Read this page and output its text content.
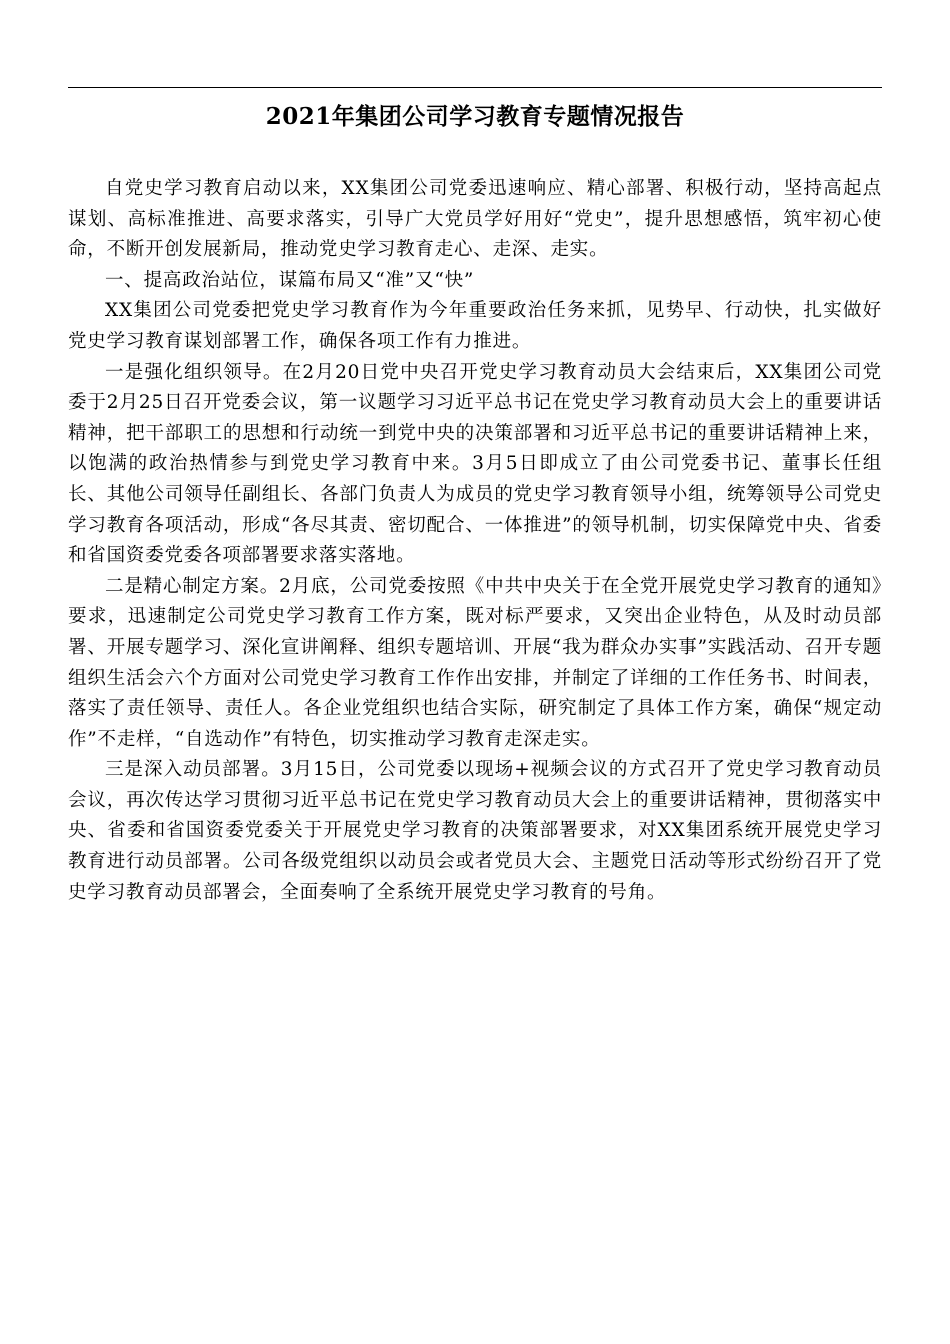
2021年集团公司学习教育专题情况报告

自党史学习教育启动以来，XX集团公司党委迅速响应、精心部署、积极行动，坚持高起点谋划、高标准推进、高要求落实，引导广大党员学好用好“党史”，提升思想感悟，筑牢初心使命，不断开创发展新局，推动党史学习教育走心、走深、走实。

一、提高政治站位，谋篇布局又“准”又“快”

XX集团公司党委把党史学习教育作为今年重要政治任务来抓，见势早、行动快，扎实做好党史学习教育谋划部署工作，确保各项工作有力推进。

一是强化组织领导。在2月20日党中央召开党史学习教育动员大会结束后，XX集团公司党委于2月25日召开党委会议，第一议题学习习近平总书记在党史学习教育动员大会上的重要讲话精神，把干部职工的思想和行动统一到党中央的决策部署和习近平总书记的重要讲话精神上来，以饱满的政治热情参与到党史学习教育中来。3月5日即成立了由公司党委书记、董事长任组长、其他公司领导任副组长、各部门负责人为成员的党史学习教育领导小组，统筹领导公司党史学习教育各项活动，形成“各尽其责、密切配合、一体推进”的领导机制，切实保障党中央、省委和省国资委党委各项部署要求落实落地。

二是精心制定方案。2月底，公司党委按照《中共中央关于在全党开展党史学习教育的通知》要求，迅速制定公司党史学习教育工作方案，既对标严要求，又突出企业特色，从及时动员部署、开展专题学习、深化宣讲阐释、组织专题培训、开展“我为群众办实事”实践活动、召开专题组织生活会六个方面对公司党史学习教育工作作出安排，并制定了详细的工作任务书、时间表，落实了责任领导、责任人。各企业党组织也结合实际，研究制定了具体工作方案，确保“规定动作”不走样，“自选动作”有特色，切实推动学习教育走深走实。

三是深入动员部署。3月15日，公司党委以现场+视频会议的方式召开了党史学习教育动员会议，再次传达学习贯彻习近平总书记在党史学习教育动员大会上的重要讲话精神，贯彻落实中央、省委和省国资委党委关于开展党史学习教育的决策部署要求，对XX集团系统开展党史学习教育进行动员部署。公司各级党组织以动员会或者党员大会、主题党日活动等形式纷纷召开了党史学习教育动员部署会，全面奏响了全系统开展党史学习教育的号角。
